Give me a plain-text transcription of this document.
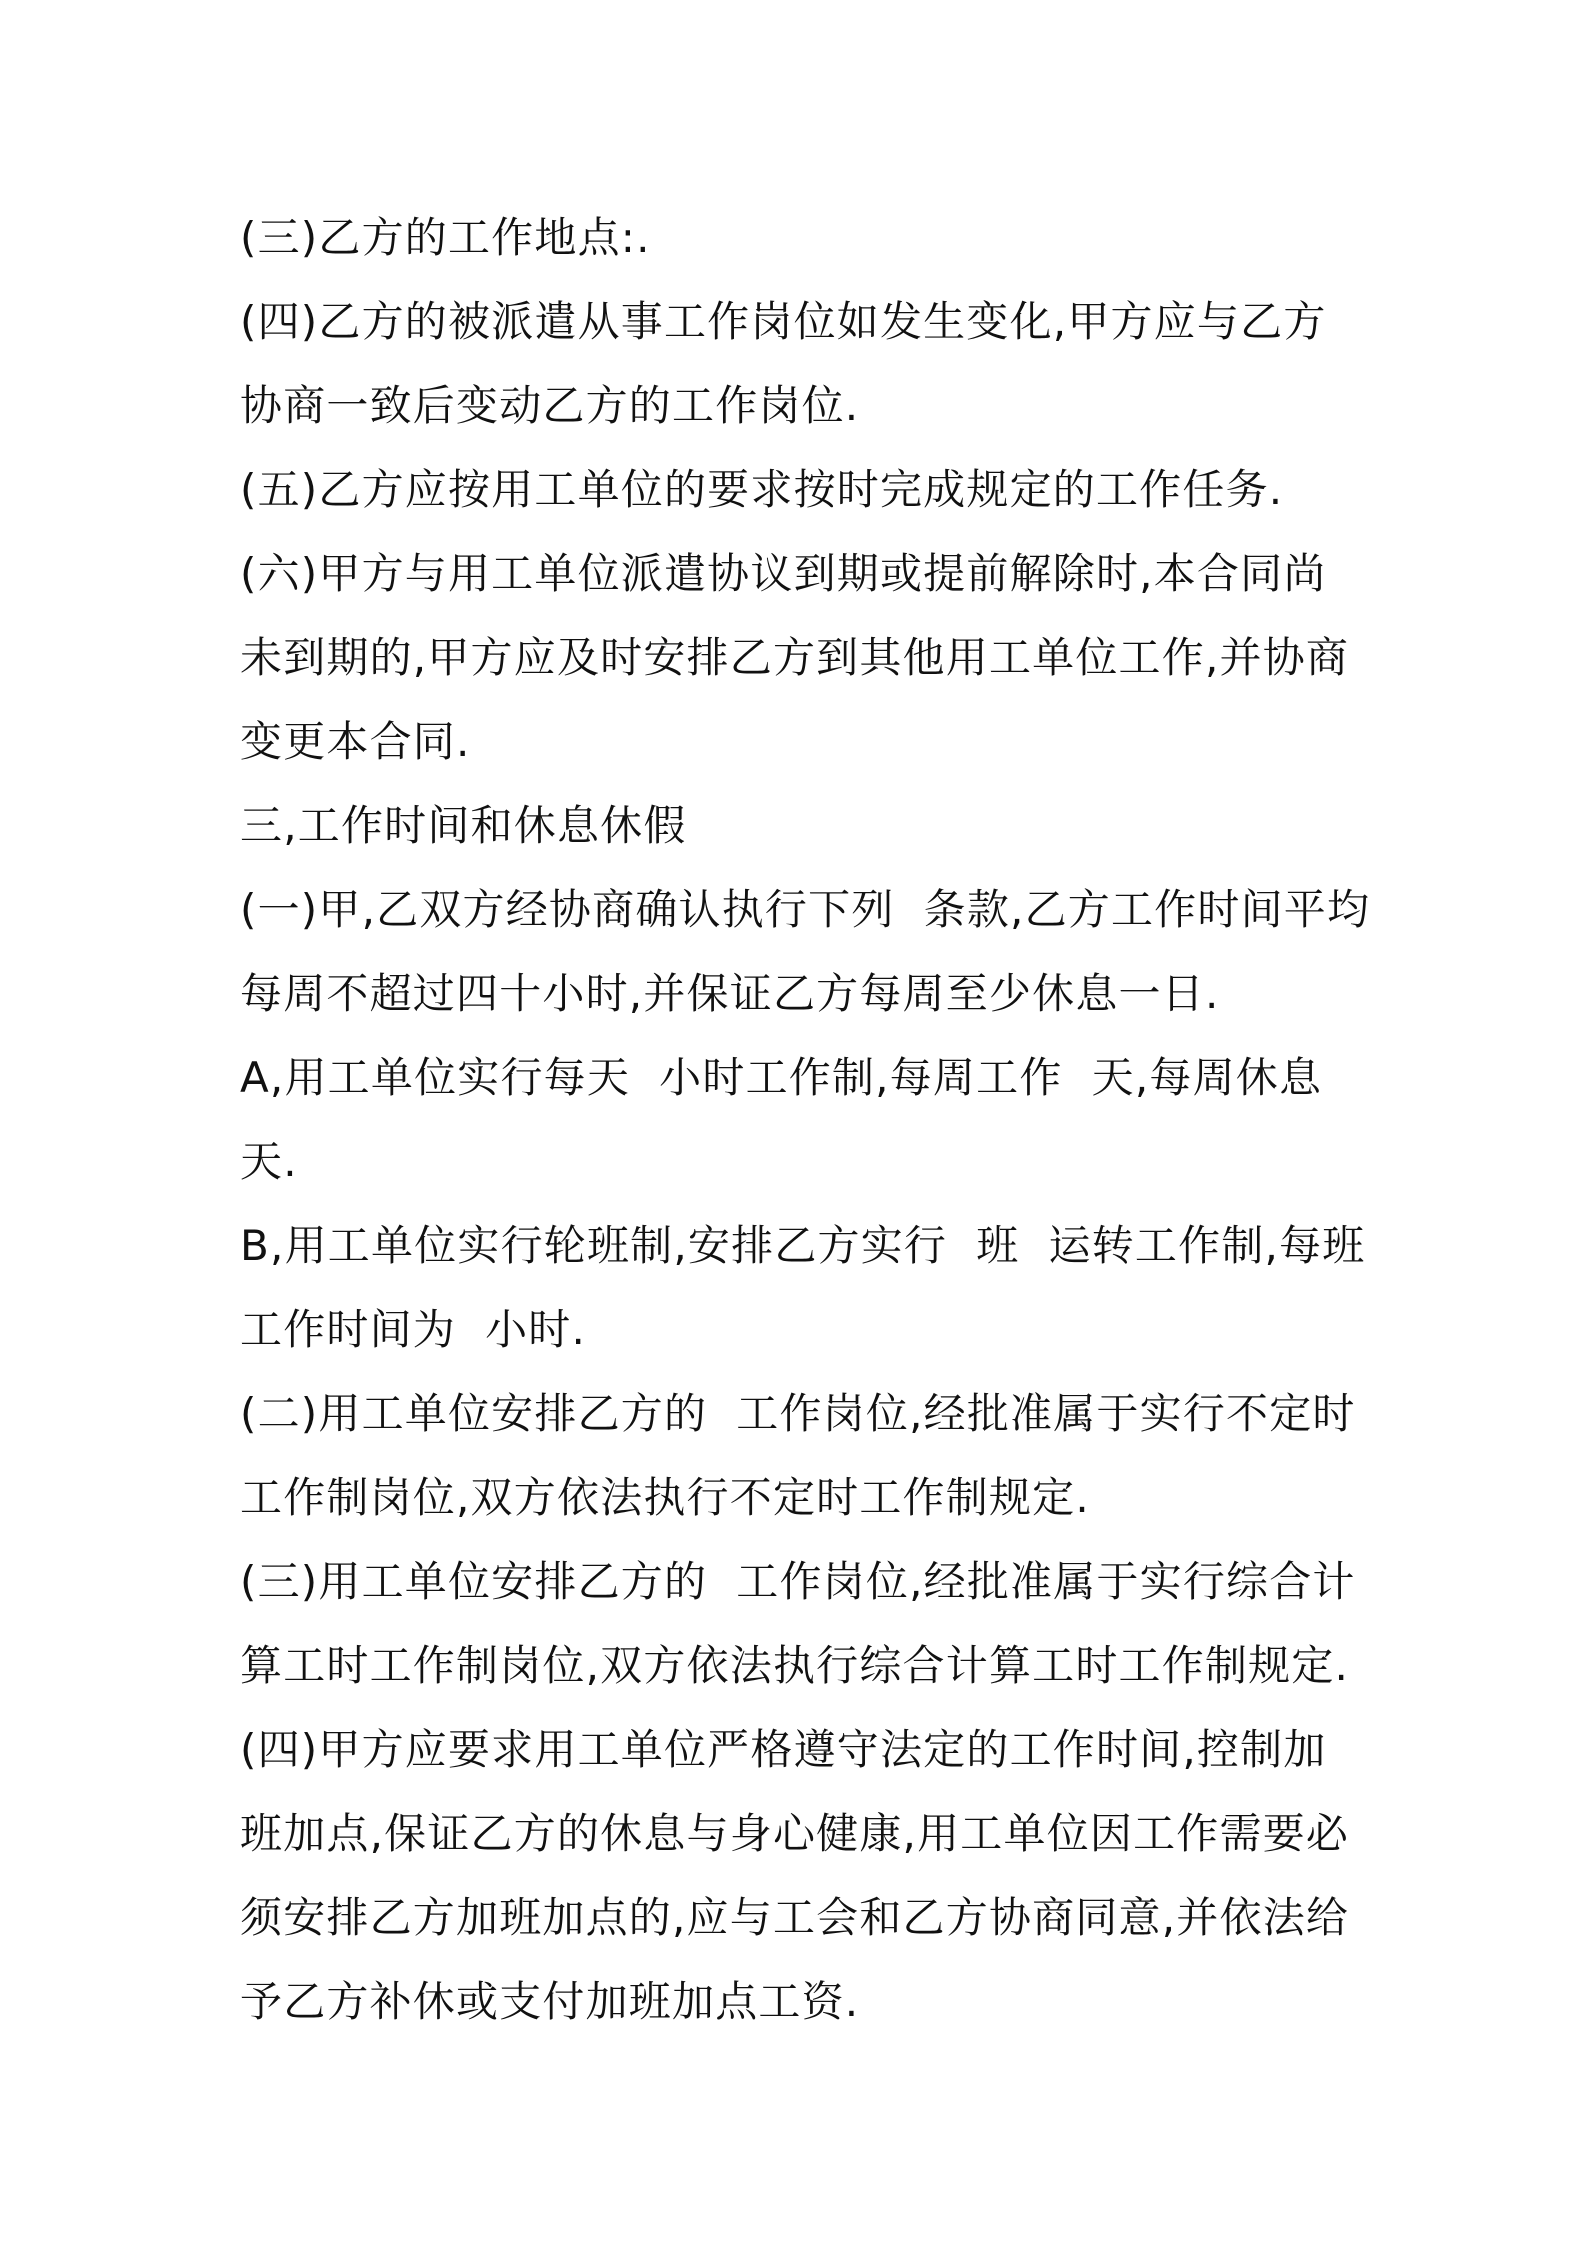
(三)乙方的工作地点:.
(四)乙方的被派遣从事工作岗位如发生变化,甲方应与乙方
协商一致后变动乙方的工作岗位.
(五)乙方应按用工单位的要求按时完成规定的工作任务.
(六)甲方与用工单位派遣协议到期或提前解除时,本合同尚
未到期的,甲方应及时安排乙方到其他用工单位工作,并协商
变更本合同.
三,工作时间和休息休假
(一)甲,乙双方经协商确认执行下列  条款,乙方工作时间平均
每周不超过四十小时,并保证乙方每周至少休息一日.
A,用工单位实行每天  小时工作制,每周工作  天,每周休息
天.
B,用工单位实行轮班制,安排乙方实行  班  运转工作制,每班
工作时间为  小时.
(二)用工单位安排乙方的  工作岗位,经批准属于实行不定时
工作制岗位,双方依法执行不定时工作制规定.
(三)用工单位安排乙方的  工作岗位,经批准属于实行综合计
算工时工作制岗位,双方依法执行综合计算工时工作制规定.
(四)甲方应要求用工单位严格遵守法定的工作时间,控制加
班加点,保证乙方的休息与身心健康,用工单位因工作需要必
须安排乙方加班加点的,应与工会和乙方协商同意,并依法给
予乙方补休或支付加班加点工资.
